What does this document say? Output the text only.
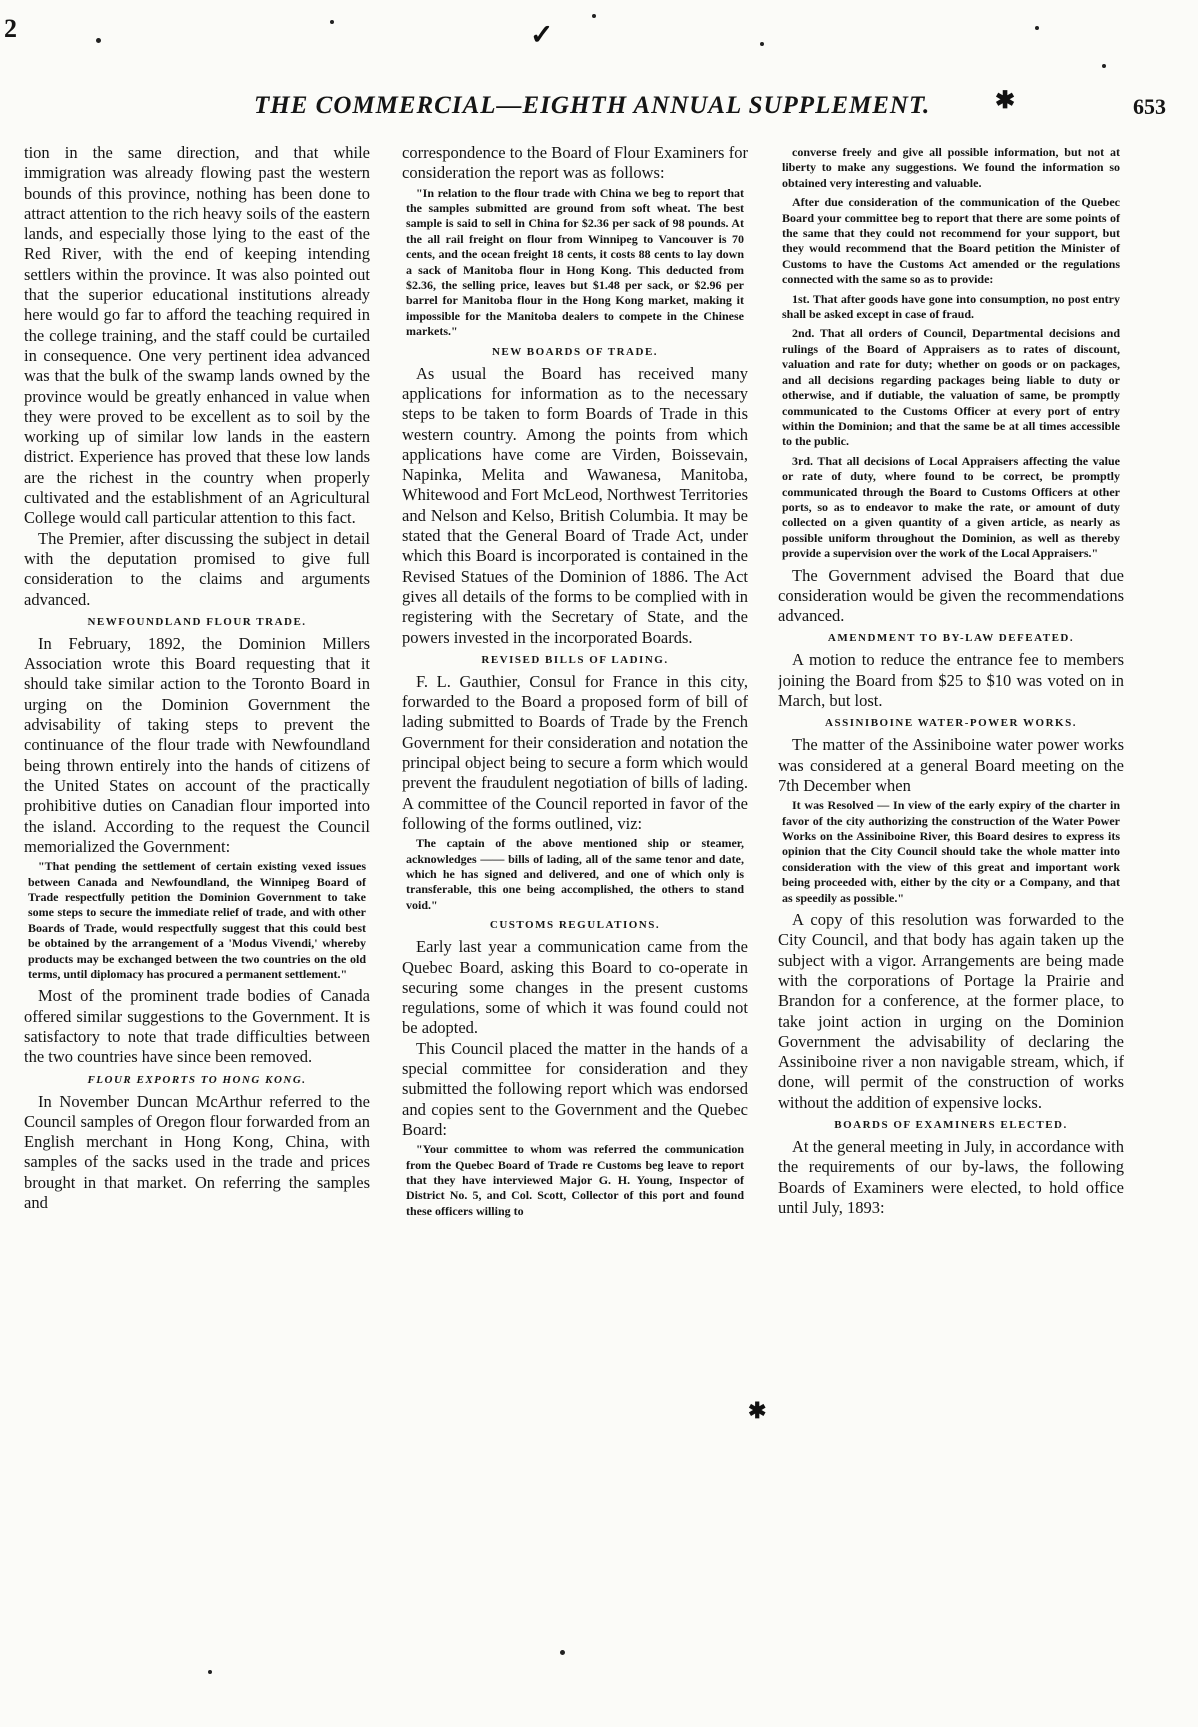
2
THE COMMERCIAL—EIGHTH ANNUAL SUPPLEMENT.	653

tion in the same direction, and that while immigration was already flowing past the western bounds of this province, nothing has been done to attract attention to the rich heavy soils of the eastern lands, and especially those lying to the east of the Red River, with the end of keeping intending settlers within the province. It was also pointed out that the superior educational institutions already here would go far to afford the teaching required in the college training, and the staff could be curtailed in consequence. One very pertinent idea advanced was that the bulk of the swamp lands owned by the province would be greatly enhanced in value when they were proved to be excellent as to soil by the working up of similar low lands in the eastern district. Experience has proved that these low lands are the richest in the country when properly cultivated and the establishment of an Agricultural College would call particular attention to this fact.

The Premier, after discussing the subject in detail with the deputation promised to give full consideration to the claims and arguments advanced.

NEWFOUNDLAND FLOUR TRADE.

In February, 1892, the Dominion Millers Association wrote this Board requesting that it should take similar action to the Toronto Board in urging on the Dominion Government the advisability of taking steps to prevent the continuance of the flour trade with Newfoundland being thrown entirely into the hands of citizens of the United States on account of the practically prohibitive duties on Canadian flour imported into the island. According to the request the Council memorialized the Government:

"That pending the settlement of certain existing vexed issues between Canada and Newfoundland, the Winnipeg Board of Trade respectfully petition the Dominion Government to take some steps to secure the immediate relief of trade, and with other Boards of Trade, would respectfully suggest that this could best be obtained by the arrangement of a 'Modus Vivendi,' whereby products may be exchanged between the two countries on the old terms, until diplomacy has procured a permanent settlement."

Most of the prominent trade bodies of Canada offered similar suggestions to the Government. It is satisfactory to note that trade difficulties between the two countries have since been removed.

FLOUR EXPORTS TO HONG KONG.

In November Duncan McArthur referred to the Council samples of Oregon flour forwarded from an English merchant in Hong Kong, China, with samples of the sacks used in the trade and prices brought in that market. On referring the samples and

correspondence to the Board of Flour Examiners for consideration the report was as follows:

"In relation to the flour trade with China we beg to report that the samples submitted are ground from soft wheat. The best sample is said to sell in China for $2.36 per sack of 98 pounds. At the all rail freight on flour from Winnipeg to Vancouver is 70 cents, and the ocean freight 18 cents, it costs 88 cents to lay down a sack of Manitoba flour in Hong Kong. This deducted from $2.36, the selling price, leaves but $1.48 per sack, or $2.96 per barrel for Manitoba flour in the Hong Kong market, making it impossible for the Manitoba dealers to compete in the Chinese markets."

NEW BOARDS OF TRADE.

As usual the Board has received many applications for information as to the necessary steps to be taken to form Boards of Trade in this western country. Among the points from which applications have come are Virden, Boissevain, Napinka, Melita and Wawanesa, Manitoba, Whitewood and Fort McLeod, Northwest Territories and Nelson and Kelso, British Columbia. It may be stated that the General Board of Trade Act, under which this Board is incorporated is contained in the Revised Statues of the Dominion of 1886. The Act gives all details of the forms to be complied with in registering with the Secretary of State, and the powers invested in the incorporated Boards.

REVISED BILLS OF LADING.

F. L. Gauthier, Consul for France in this city, forwarded to the Board a proposed form of bill of lading submitted to Boards of Trade by the French Government for their consideration and notation the principal object being to secure a form which would prevent the fraudulent negotiation of bills of lading. A committee of the Council reported in favor of the following of the forms outlined, viz:

The captain of the above mentioned ship or steamer, acknowledges —— bills of lading, all of the same tenor and date, which he has signed and delivered, and one of which only is transferable, this one being accomplished, the others to stand void."

CUSTOMS REGULATIONS.

Early last year a communication came from the Quebec Board, asking this Board to co-operate in securing some changes in the present customs regulations, some of which it was found could not be adopted.

This Council placed the matter in the hands of a special committee for consideration and they submitted the following report which was endorsed and copies sent to the Government and the Quebec Board:

"Your committee to whom was referred the communication from the Quebec Board of Trade re Customs beg leave to report that they have interviewed Major G. H. Young, Inspector of District No. 5, and Col. Scott, Collector of this port and found these officers willing to

converse freely and give all possible information, but not at liberty to make any suggestions. We found the information so obtained very interesting and valuable.

After due consideration of the communication of the Quebec Board your committee beg to report that there are some points of the same that they could not recommend for your support, but they would recommend that the Board petition the Minister of Customs to have the Customs Act amended or the regulations connected with the same so as to provide:

1st. That after goods have gone into consumption, no post entry shall be asked except in case of fraud.

2nd. That all orders of Council, Departmental decisions and rulings of the Board of Appraisers as to rates of discount, valuation and rate for duty; whether on goods or on packages, and all decisions regarding packages being liable to duty or otherwise, and if dutiable, the valuation of same, be promptly communicated to the Customs Officer at every port of entry within the Dominion; and that the same be at all times accessible to the public.

3rd. That all decisions of Local Appraisers affecting the value or rate of duty, where found to be correct, be promptly communicated through the Board to Customs Officers at other ports, so as to endeavor to make the rate, or amount of duty collected on a given quantity of a given article, as nearly as possible uniform throughout the Dominion, as well as thereby provide a supervision over the work of the Local Appraisers."

The Government advised the Board that due consideration would be given the recommendations advanced.

AMENDMENT TO BY-LAW DEFEATED.

A motion to reduce the entrance fee to members joining the Board from $25 to $10 was voted on in March, but lost.

ASSINIBOINE WATER-POWER WORKS.

The matter of the Assiniboine water power works was considered at a general Board meeting on the 7th December when

It was Resolved — In view of the early expiry of the charter in favor of the city authorizing the construction of the Water Power Works on the Assiniboine River, this Board desires to express its opinion that the City Council should take the whole matter into consideration with the view of this great and important work being proceeded with, either by the city or a Company, and that as speedily as possible."

A copy of this resolution was forwarded to the City Council, and that body has again taken up the subject with a vigor. Arrangements are being made with the corporations of Portage la Prairie and Brandon for a conference, at the former place, to take joint action in urging on the Dominion Government the advisability of declaring the Assiniboine river a non navigable stream, which, if done, will permit of the construction of works without the addition of expensive locks.

BOARDS OF EXAMINERS ELECTED.

At the general meeting in July, in accordance with the requirements of our by-laws, the following Boards of Examiners were elected, to hold office until July, 1893:

✓
✱
✱
